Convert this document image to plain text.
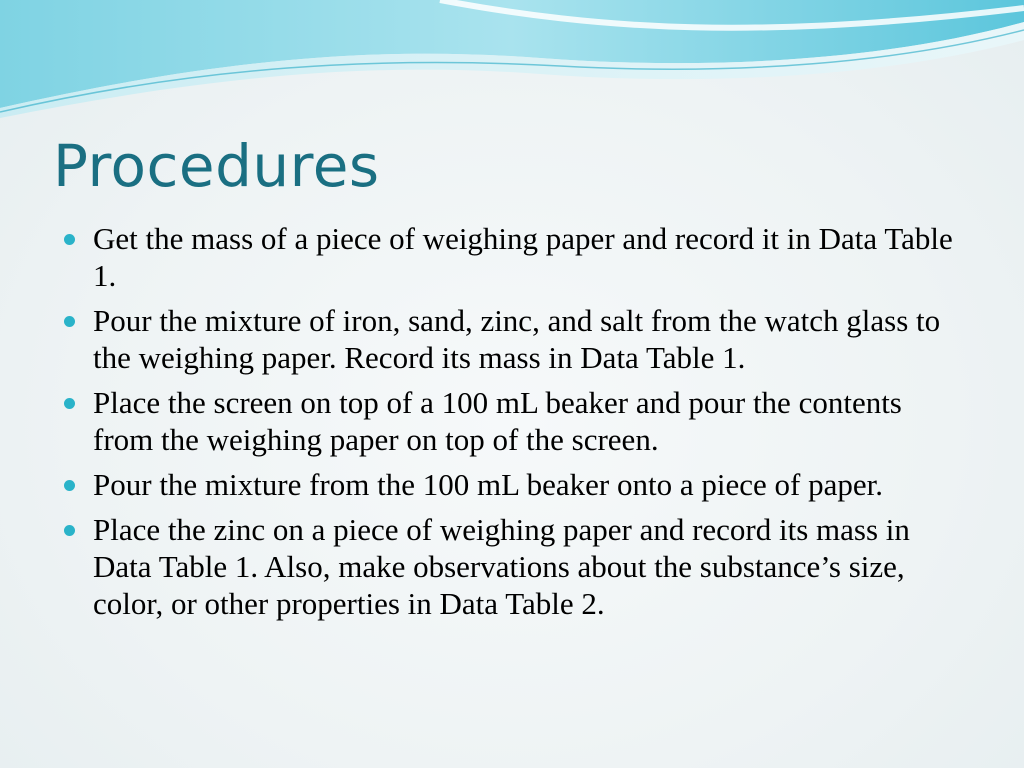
Procedures
Get the mass of a piece of weighing paper and record it in Data Table 1.
Pour the mixture of iron, sand, zinc, and salt from the watch glass to the weighing paper. Record its mass in Data Table 1.
Place the screen on top of a 100 mL beaker and pour the contents from the weighing paper on top of the screen.
Pour the mixture from the 100 mL beaker onto a piece of paper.
Place the zinc on a piece of weighing paper and record its mass in Data Table 1. Also, make observations about the substance’s size, color, or other properties in Data Table 2.
